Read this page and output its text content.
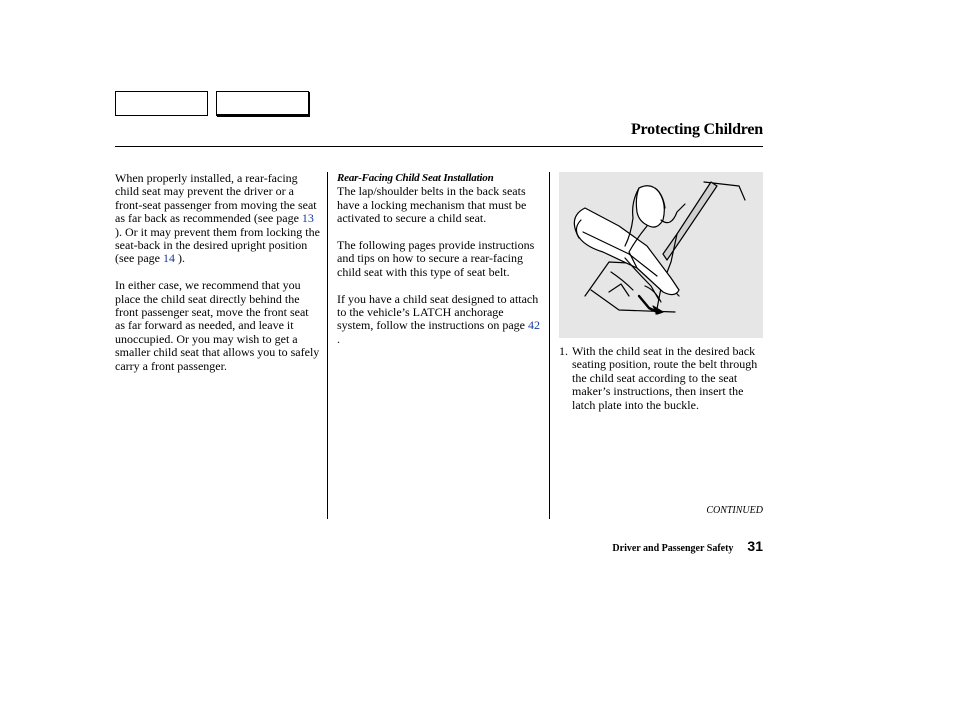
Protecting Children

When properly installed, a rear-facing child seat may prevent the driver or a front-seat passenger from moving the seat as far back as recommended (see page 13 ). Or it may prevent them from locking the seat-back in the desired upright position (see page 14 ).

In either case, we recommend that you place the child seat directly behind the front passenger seat, move the front seat as far forward as needed, and leave it unoccupied. Or you may wish to get a smaller child seat that allows you to safely carry a front passenger.

Rear-Facing Child Seat Installation

The lap/shoulder belts in the back seats have a locking mechanism that must be activated to secure a child seat.

The following pages provide instructions and tips on how to secure a rear-facing child seat with this type of seat belt.

If you have a child seat designed to attach to the vehicle’s LATCH anchorage system, follow the instructions on page 42 .

1. With the child seat in the desired back seating position, route the belt through the child seat according to the seat maker’s instructions, then insert the latch plate into the buckle.
CONTINUED
Driver and Passenger Safety 31
